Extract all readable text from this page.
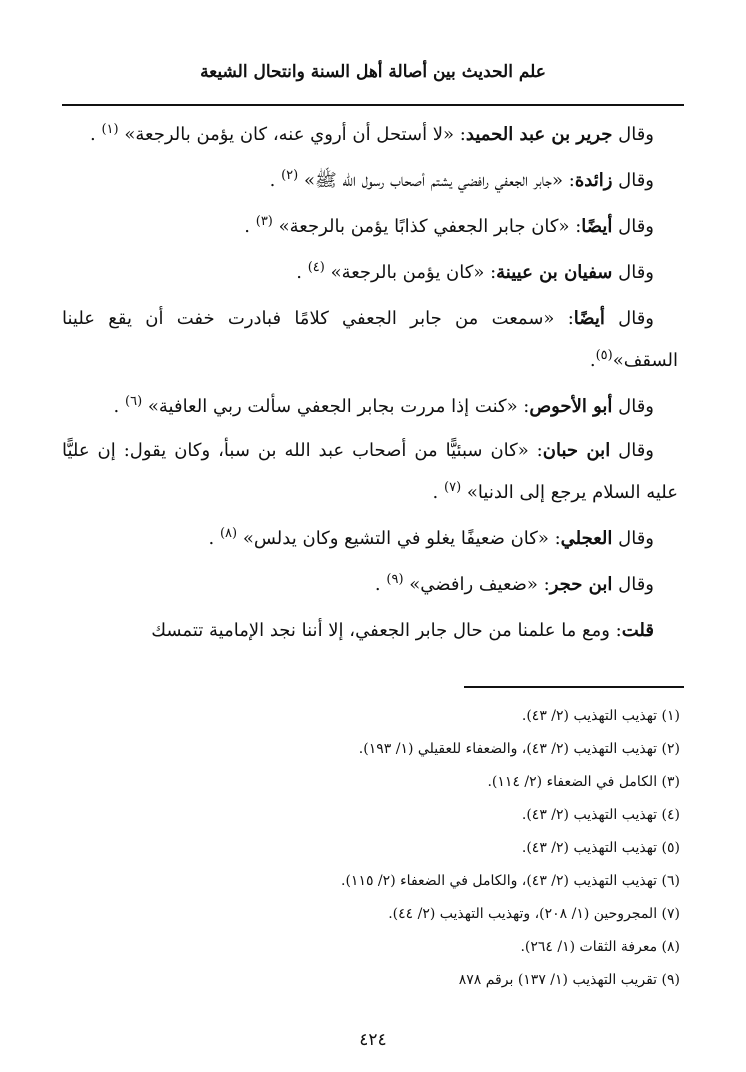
علم الحديث بين أصالة أهل السنة وانتحال الشيعة

وقال جرير بن عبد الحميد: «لا أستحل أن أروي عنه، كان يؤمن بالرجعة» $^{(١)}$ .

وقال زائدة: «جابر الجعفي رافضي يشتم أصحاب رسول الله ﷺ» $^{(٢)}$ .

وقال أيضًا: «كان جابر الجعفي كذابًا يؤمن بالرجعة» $^{(٣)}$ .

وقال سفيان بن عيينة: «كان يؤمن بالرجعة» $^{(٤)}$ .

وقال أيضًا: «سمعت من جابر الجعفي كلامًا فبادرت خفت أن يقع علينا السقف»$^{(٥)}$.

وقال أبو الأحوص: «كنت إذا مررت بجابر الجعفي سألت ربي العافية» $^{(٦)}$ .

وقال ابن حبان: «كان سبئيًّا من أصحاب عبد الله بن سبأ، وكان يقول: إن عليًّا عليه السلام يرجع إلى الدنيا» $^{(٧)}$ .

وقال العجلي: «كان ضعيفًا يغلو في التشيع وكان يدلس» $^{(٨)}$ .

وقال ابن حجر: «ضعيف رافضي» $^{(٩)}$ .

قلت: ومع ما علمنا من حال جابر الجعفي، إلا أننا نجد الإمامية تتمسك

(١) تهذيب التهذيب (٢/ ٤٣).
(٢) تهذيب التهذيب (٢/ ٤٣)، والضعفاء للعقيلي (١/ ١٩٣).
(٣) الكامل في الضعفاء (٢/ ١١٤).
(٤) تهذيب التهذيب (٢/ ٤٣).
(٥) تهذيب التهذيب (٢/ ٤٣).
(٦) تهذيب التهذيب (٢/ ٤٣)، والكامل في الضعفاء (٢/ ١١٥).
(٧) المجروحين (١/ ٢٠٨)، وتهذيب التهذيب (٢/ ٤٤).
(٨) معرفة الثقات (١/ ٢٦٤).
(٩) تقريب التهذيب (١/ ١٣٧) برقم ٨٧٨
٤٢٤
